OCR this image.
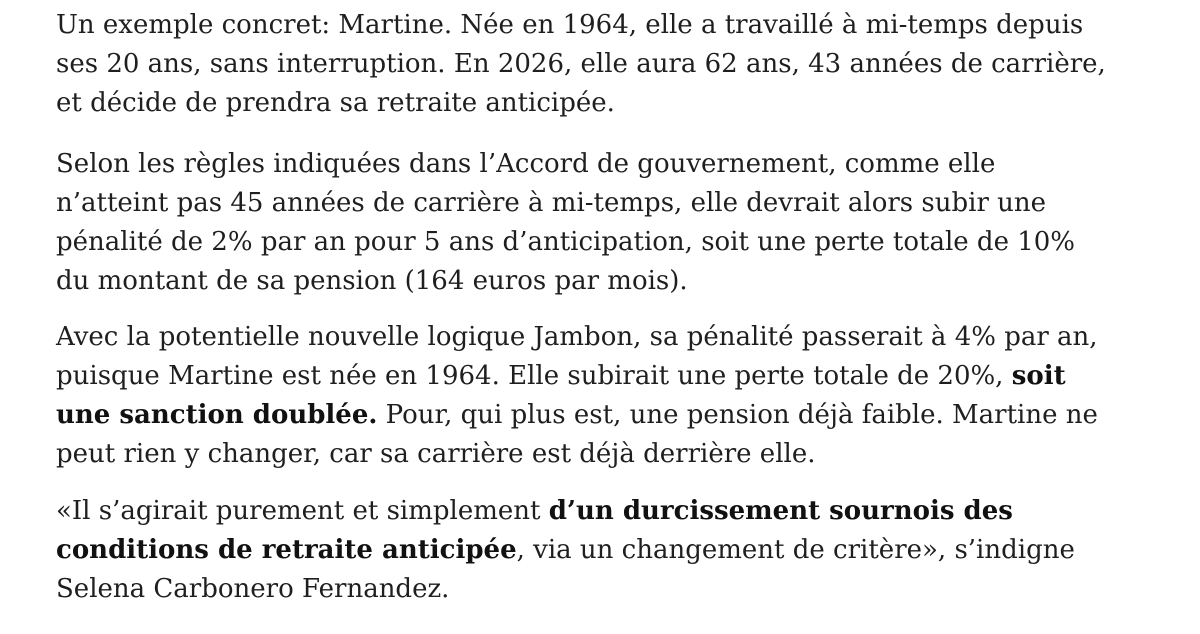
Un exemple concret: Martine. Née en 1964, elle a travaillé à mi-temps depuis
ses 20 ans, sans interruption. En 2026, elle aura 62 ans, 43 années de carrière,
et décide de prendra sa retraite anticipée.

Selon les règles indiquées dans l’Accord de gouvernement, comme elle
n’atteint pas 45 années de carrière à mi-temps, elle devrait alors subir une
pénalité de 2% par an pour 5 ans d’anticipation, soit une perte totale de 10%
du montant de sa pension (164 euros par mois).

Avec la potentielle nouvelle logique Jambon, sa pénalité passerait à 4% par an,
puisque Martine est née en 1964. Elle subirait une perte totale de 20%, soit
une sanction doublée. Pour, qui plus est, une pension déjà faible. Martine ne
peut rien y changer, car sa carrière est déjà derrière elle.

«Il s’agirait purement et simplement d’un durcissement sournois des
conditions de retraite anticipée, via un changement de critère», s’indigne
Selena Carbonero Fernandez.
